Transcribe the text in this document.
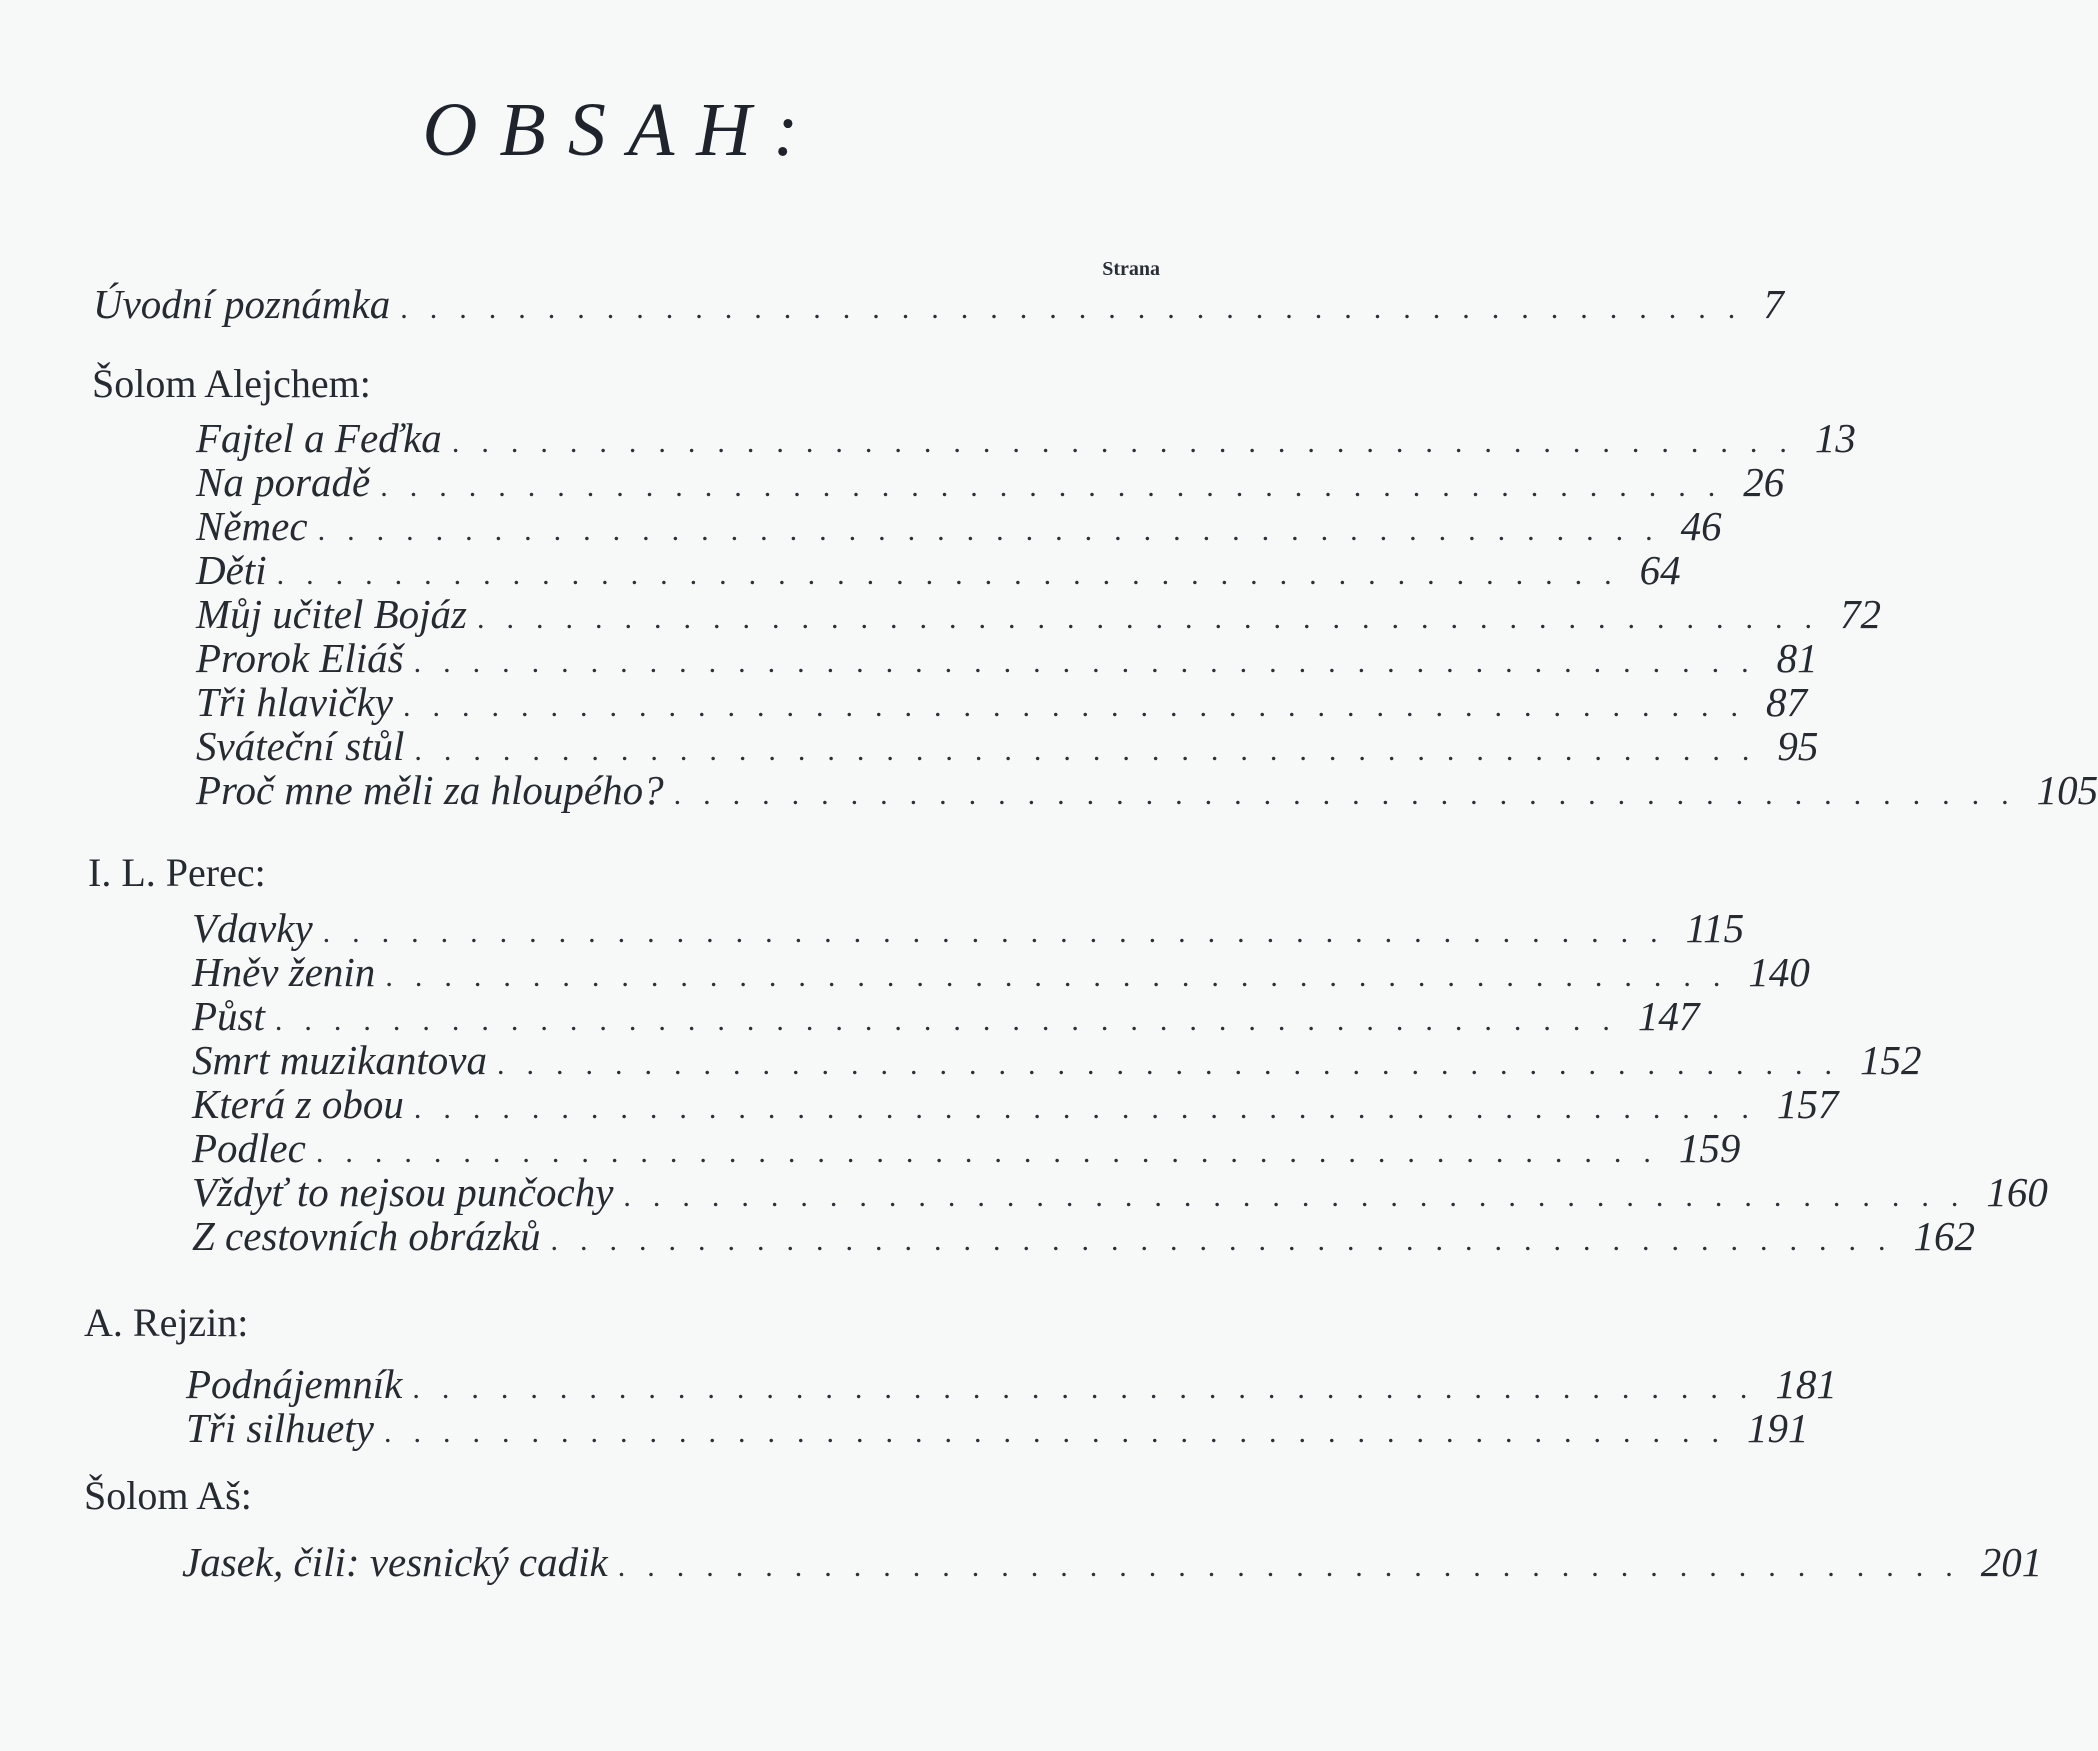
OBSAH:
Strana
Úvodní poznámka .............................................. 7
Šolom Alejchem:
Fajtel a Feďka .............................................. 13
Na poradě .............................................. 26
Němec .............................................. 46
Děti .............................................. 64
Můj učitel Bojáz .............................................. 72
Prorok Eliáš .............................................. 81
Tři hlavičky .............................................. 87
Sváteční stůl .............................................. 95
Proč mne měli za hloupého? .............................................. 105
I. L. Perec:
Vdavky .............................................. 115
Hněv ženin .............................................. 140
Půst .............................................. 147
Smrt muzikantova .............................................. 152
Která z obou .............................................. 157
Podlec .............................................. 159
Vždyť to nejsou punčochy .............................................. 160
Z cestovních obrázků .............................................. 162
A. Rejzin:
Podnájemník .............................................. 181
Tři silhuety .............................................. 191
Šolom Aš:
Jasek, čili: vesnický cadik .............................................. 201
